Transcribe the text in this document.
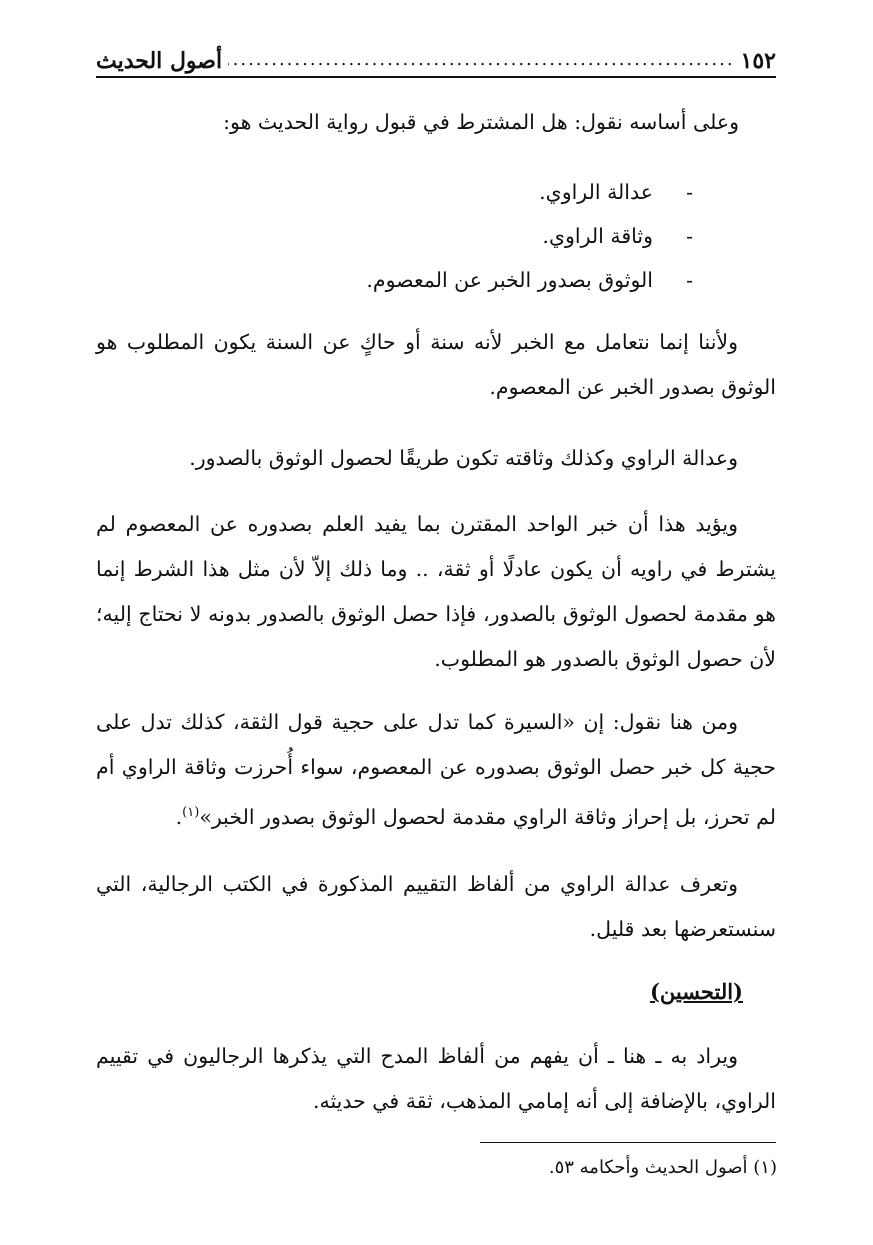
١٥٢
.....
أصول الحديث
وعلى أساسه نقول: هل المشترط في قبول رواية الحديث هو:
-
عدالة الراوي.
-
وثاقة الراوي.
-
الوثوق بصدور الخبر عن المعصوم.
ولأننا إنما نتعامل مع الخبر لأنه سنة أو حاكٍ عن السنة يكون المطلوب هو الوثوق بصدور الخبر عن المعصوم.
وعدالة الراوي وكذلك وثاقته تكون طريقًا لحصول الوثوق بالصدور.
ويؤيد هذا أن خبر الواحد المقترن بما يفيد العلم بصدوره عن المعصوم لم يشترط في راويه أن يكون عادلًا أو ثقة، .. وما ذلك إلاّ لأن مثل هذا الشرط إنما هو مقدمة لحصول الوثوق بالصدور، فإذا حصل الوثوق بالصدور بدونه لا نحتاج إليه؛ لأن حصول الوثوق بالصدور هو المطلوب.
ومن هنا نقول: إن «السيرة كما تدل على حجية قول الثقة، كذلك تدل على حجية كل خبر حصل الوثوق بصدوره عن المعصوم، سواء أُحرزت وثاقة الراوي أم لم تحرز، بل إحراز وثاقة الراوي مقدمة لحصول الوثوق بصدور الخبر»$^{(١)}$.
وتعرف عدالة الراوي من ألفاظ التقييم المذكورة في الكتب الرجالية، التي سنستعرضها بعد قليل.
(التحسين)
ويراد به ـ هنا ـ أن يفهم من ألفاظ المدح التي يذكرها الرجاليون في تقييم الراوي، بالإضافة إلى أنه إمامي المذهب، ثقة في حديثه.
(١) أصول الحديث وأحكامه ٥٣.
